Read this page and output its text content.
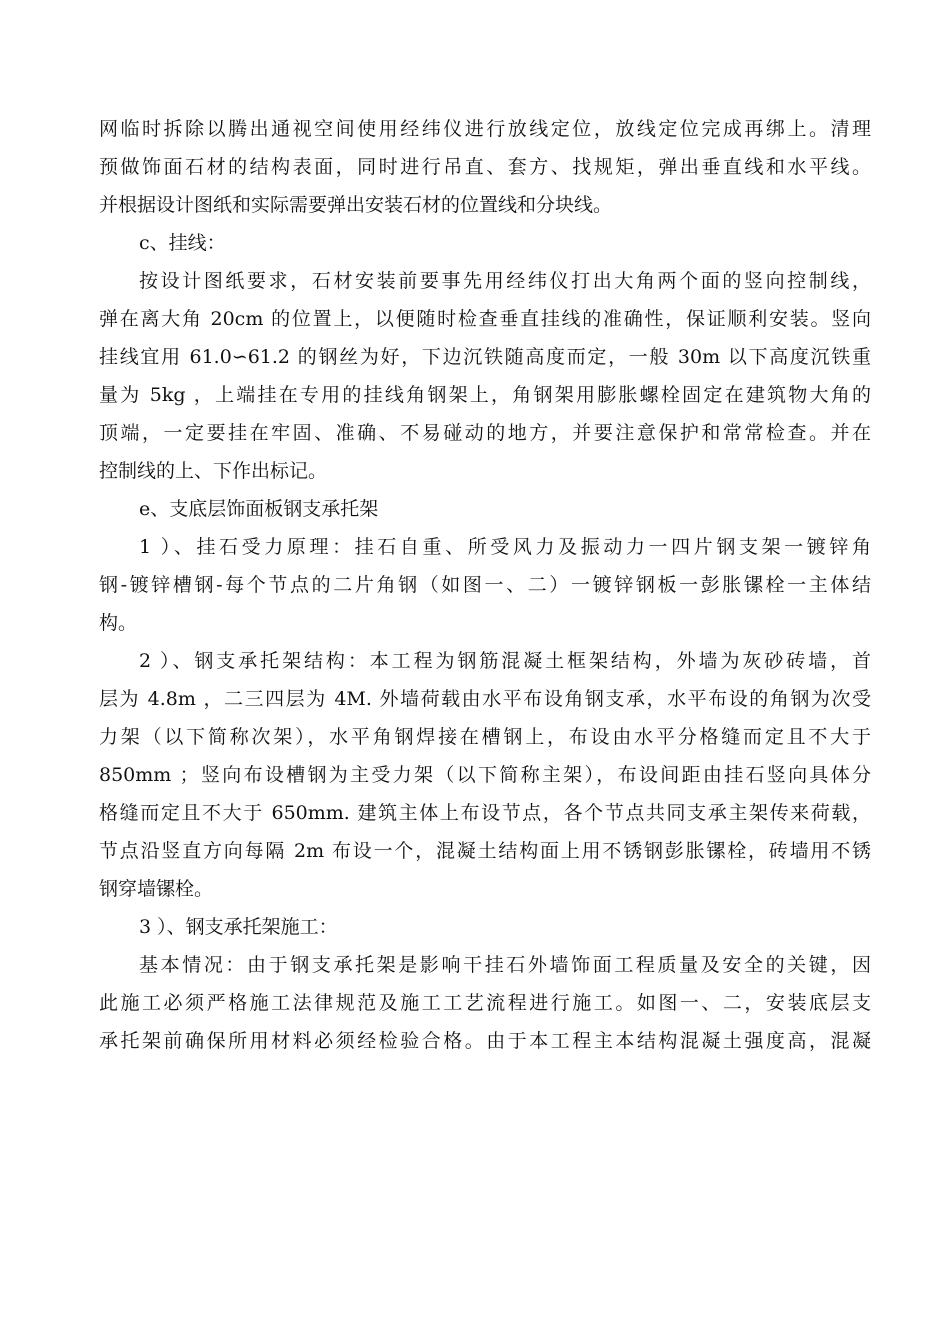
网临时拆除以腾出通视空间使用经纬仪进行放线定位，放线定位完成再绑上。清理
预做饰面石材的结构表面，同时进行吊直、套方、找规矩，弹出垂直线和水平线。
并根据设计图纸和实际需要弹出安装石材的位置线和分块线。
c、挂线：
按设计图纸要求，石材安装前要事先用经纬仪打出大角两个面的竖向控制线，
弹在离大角 20cm 的位置上，以便随时检查垂直挂线的准确性，保证顺利安装。竖向
挂线宜用 61.0∽61.2 的钢丝为好，下边沉铁随高度而定，一般 30m 以下高度沉铁重
量为 5kg ，上端挂在专用的挂线角钢架上，角钢架用膨胀螺栓固定在建筑物大角的
顶端，一定要挂在牢固、准确、不易碰动的地方，并要注意保护和常常检查。并在
控制线的上、下作出标记。
e、支底层饰面板钢支承托架
1 ）、挂石受力原理：挂石自重、所受风力及振动力一四片钢支架一镀锌角
钢-镀锌槽钢-每个节点的二片角钢（如图一、二）一镀锌钢板一彭胀镙栓一主体结
构。
2 ）、钢支承托架结构：本工程为钢筋混凝土框架结构，外墙为灰砂砖墙，首
层为 4.8m ，二三四层为 4M. 外墙荷载由水平布设角钢支承，水平布设的角钢为次受
力架（以下简称次架），水平角钢焊接在槽钢上，布设由水平分格缝而定且不大于
850mm ；竖向布设槽钢为主受力架（以下简称主架），布设间距由挂石竖向具体分
格缝而定且不大于 650mm. 建筑主体上布设节点，各个节点共同支承主架传来荷载，
节点沿竖直方向每隔 2m 布设一个，混凝土结构面上用不锈钢彭胀镙栓，砖墙用不锈
钢穿墙镙栓。
3 ）、钢支承托架施工：
基本情况：由于钢支承托架是影响干挂石外墙饰面工程质量及安全的关键，因
此施工必须严格施工法律规范及施工工艺流程进行施工。如图一、二，安装底层支
承托架前确保所用材料必须经检验合格。由于本工程主本结构混凝土强度高，混凝
